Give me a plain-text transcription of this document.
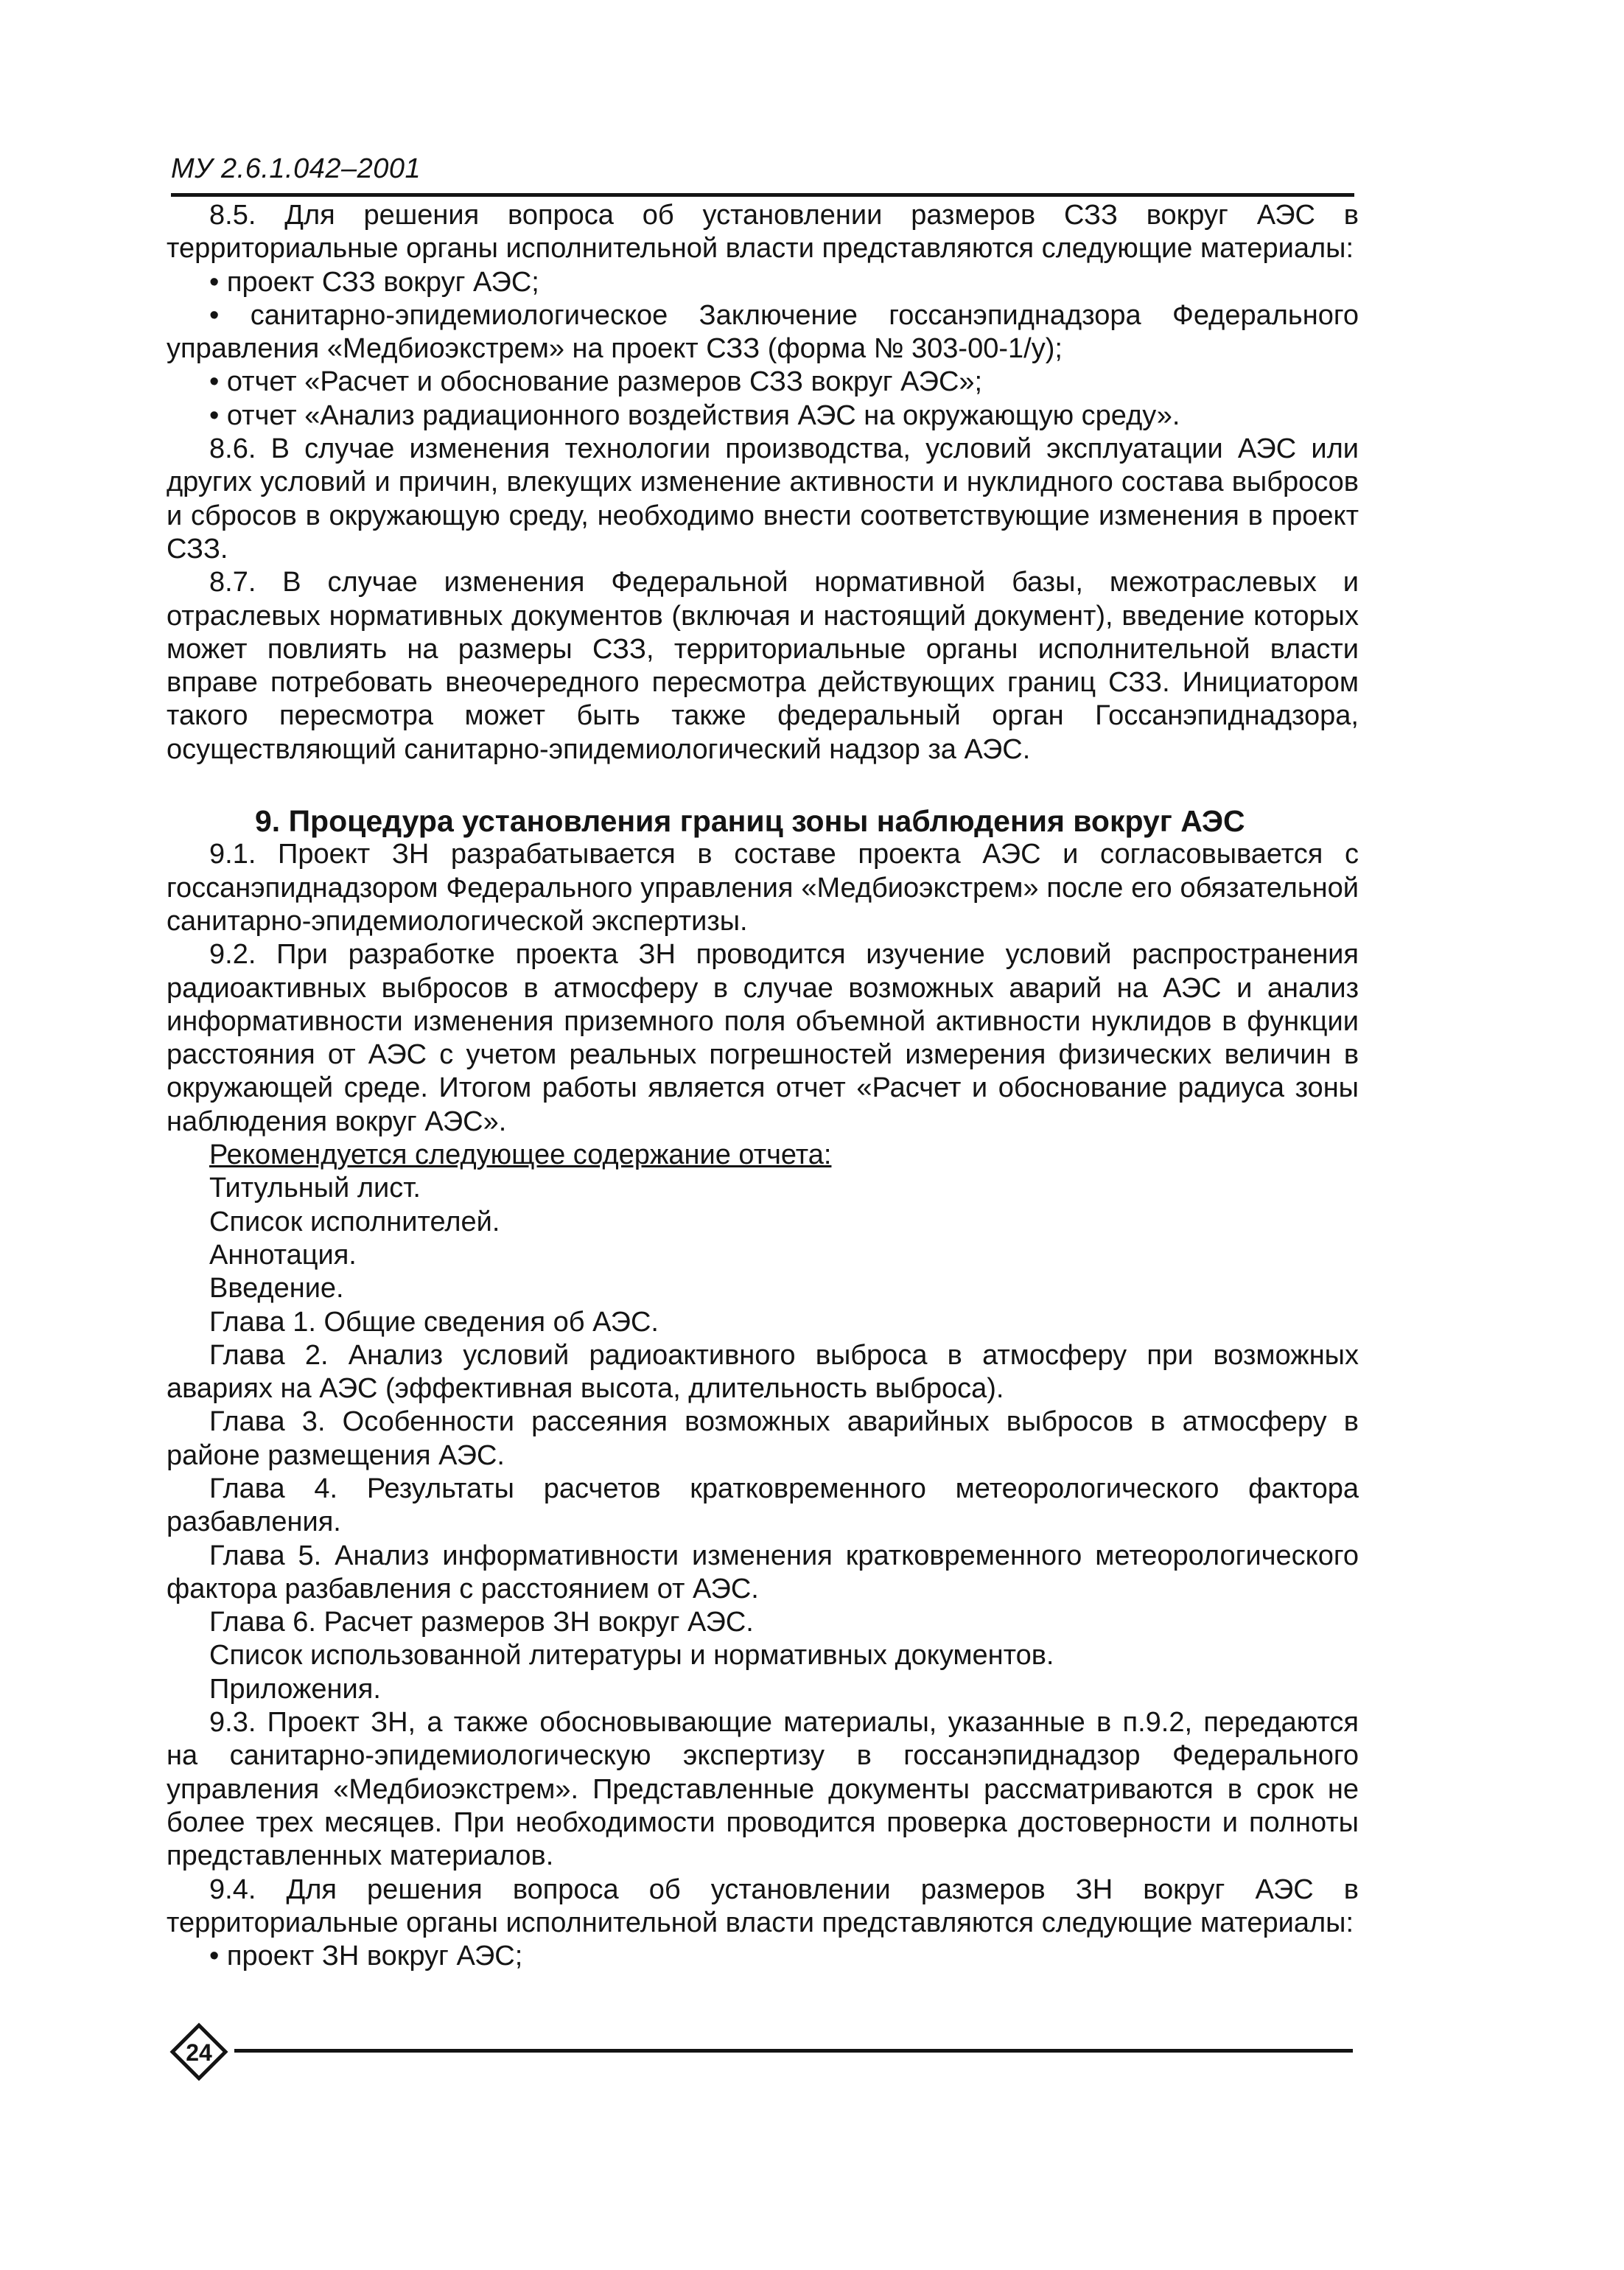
МУ 2.6.1.042–2001

8.5. Для решения вопроса об установлении размеров СЗЗ вокруг АЭС в территориальные органы исполнительной власти представляются следующие материалы:

• проект СЗЗ вокруг АЭС;

• санитарно-эпидемиологическое Заключение госсанэпиднадзора Федерального управления «Медбиоэкстрем» на проект СЗЗ (форма № 303-00-1/у);

• отчет «Расчет и обоснование размеров СЗЗ вокруг АЭС»;

• отчет «Анализ радиационного воздействия АЭС на окружающую среду».

8.6. В случае изменения технологии производства, условий эксплуатации АЭС или других условий и причин, влекущих изменение активности и нуклидного состава выбросов и сбросов в окружающую среду, необходимо внести соответствующие изменения в проект СЗЗ.

8.7. В случае изменения Федеральной нормативной базы, межотраслевых и отраслевых нормативных документов (включая и настоящий документ), введение которых может повлиять на размеры СЗЗ, территориальные органы исполнительной власти вправе потребовать внеочередного пересмотра действующих границ СЗЗ. Инициатором такого пересмотра может быть также федеральный орган Госсанэпиднадзора, осуществляющий санитарно-эпидемиологический надзор за АЭС.

9. Процедура установления границ зоны наблюдения вокруг АЭС

9.1. Проект ЗН разрабатывается в составе проекта АЭС и согласовывается с госсанэпиднадзором Федерального управления «Медбиоэкстрем» после его обязательной санитарно-эпидемиологической экспертизы.

9.2. При разработке проекта ЗН проводится изучение условий распространения радиоактивных выбросов в атмосферу в случае возможных аварий на АЭС и анализ информативности изменения приземного поля объемной активности нуклидов в функции расстояния от АЭС с учетом реальных погрешностей измерения физических величин в окружающей среде. Итогом работы является отчет «Расчет и обоснование радиуса зоны наблюдения вокруг АЭС».

Рекомендуется следующее содержание отчета:

Титульный лист.

Список исполнителей.

Аннотация.

Введение.

Глава 1. Общие сведения об АЭС.

Глава 2. Анализ условий радиоактивного выброса в атмосферу при возможных авариях на АЭС (эффективная высота, длительность выброса).

Глава 3. Особенности рассеяния возможных аварийных выбросов в атмосферу в районе размещения АЭС.

Глава 4. Результаты расчетов кратковременного метеорологического фактора разбавления.

Глава 5. Анализ информативности изменения кратковременного метеорологического фактора разбавления с расстоянием от АЭС.

Глава 6. Расчет размеров ЗН вокруг АЭС.

Список использованной литературы и нормативных документов.

Приложения.

9.3. Проект ЗН, а также обосновывающие материалы, указанные в п.9.2, передаются на санитарно-эпидемиологическую экспертизу в госсанэпиднадзор Федерального управления «Медбиоэкстрем». Представленные документы рассматриваются в срок не более трех месяцев. При необходимости проводится проверка достоверности и полноты представленных материалов.

9.4. Для решения вопроса об установлении размеров ЗН вокруг АЭС в территориальные органы исполнительной власти представляются следующие материалы:

• проект ЗН вокруг АЭС;

24
